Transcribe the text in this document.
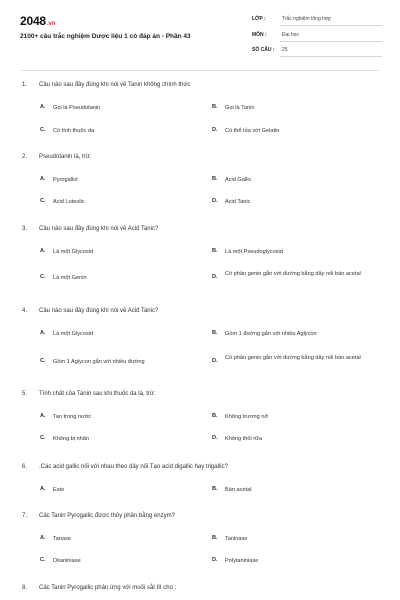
2048.vn
2100+ câu trắc nghiệm Dược liệu 1 có đáp án - Phần 43
LỚP :	Trắc nghiệm tổng hợp
MÔN :	Đại học
SỐ CÂU : 25
1. Câu nào sau đây đúng khi nói về Tanin không chính thức
A. Gọi là Pseudotanin	B. Gọi là Tanin
C. Có tính thuộc da	D. Có thể tủa với Gelatin
2. Pseudotanin là, trừ:
A. Pyrogallol	B. Acid Gallic
C. Acid Luteolic	D. Acid Tanic
3. Câu nào sau đây đúng khi nói về Acid Tanic?
A. Là một Glycosid	B. Là một Pseudoglycosid
C. Là một Genin	D. Có phần genin gắn với đường bằng dây nối bán acetal
4. Câu nào sau đây đúng khi nói về Acid Tanic?
A. Là một Glycosid	B. Gồm 1 đường gắn với nhiều Aglycon
C. Gồm 1 Aglycon gắn với nhiều đường	D. Có phần genin gắn với đường bằng dây nối bán acetal
5. Tính chất của Tanin sau khi thuộc da là, trừ:
A. Tan trong nước	B. Không trương nở
C. Không bị nhăn	D. Không thối rữa
6. .Các acid gallic nối với nhau theo dây nối Tạo acid digallic hay trigallic?
A. Este	B. Bán acetal
7. Các Tanin Pyrogallic được thủy phân bằng enzym?
A. Tanase	B. Taninase
C. Ditaniniase	D. Polytaniniase
8. Các Tanin Pyrogallic phản ứng với muối sắt III cho :
